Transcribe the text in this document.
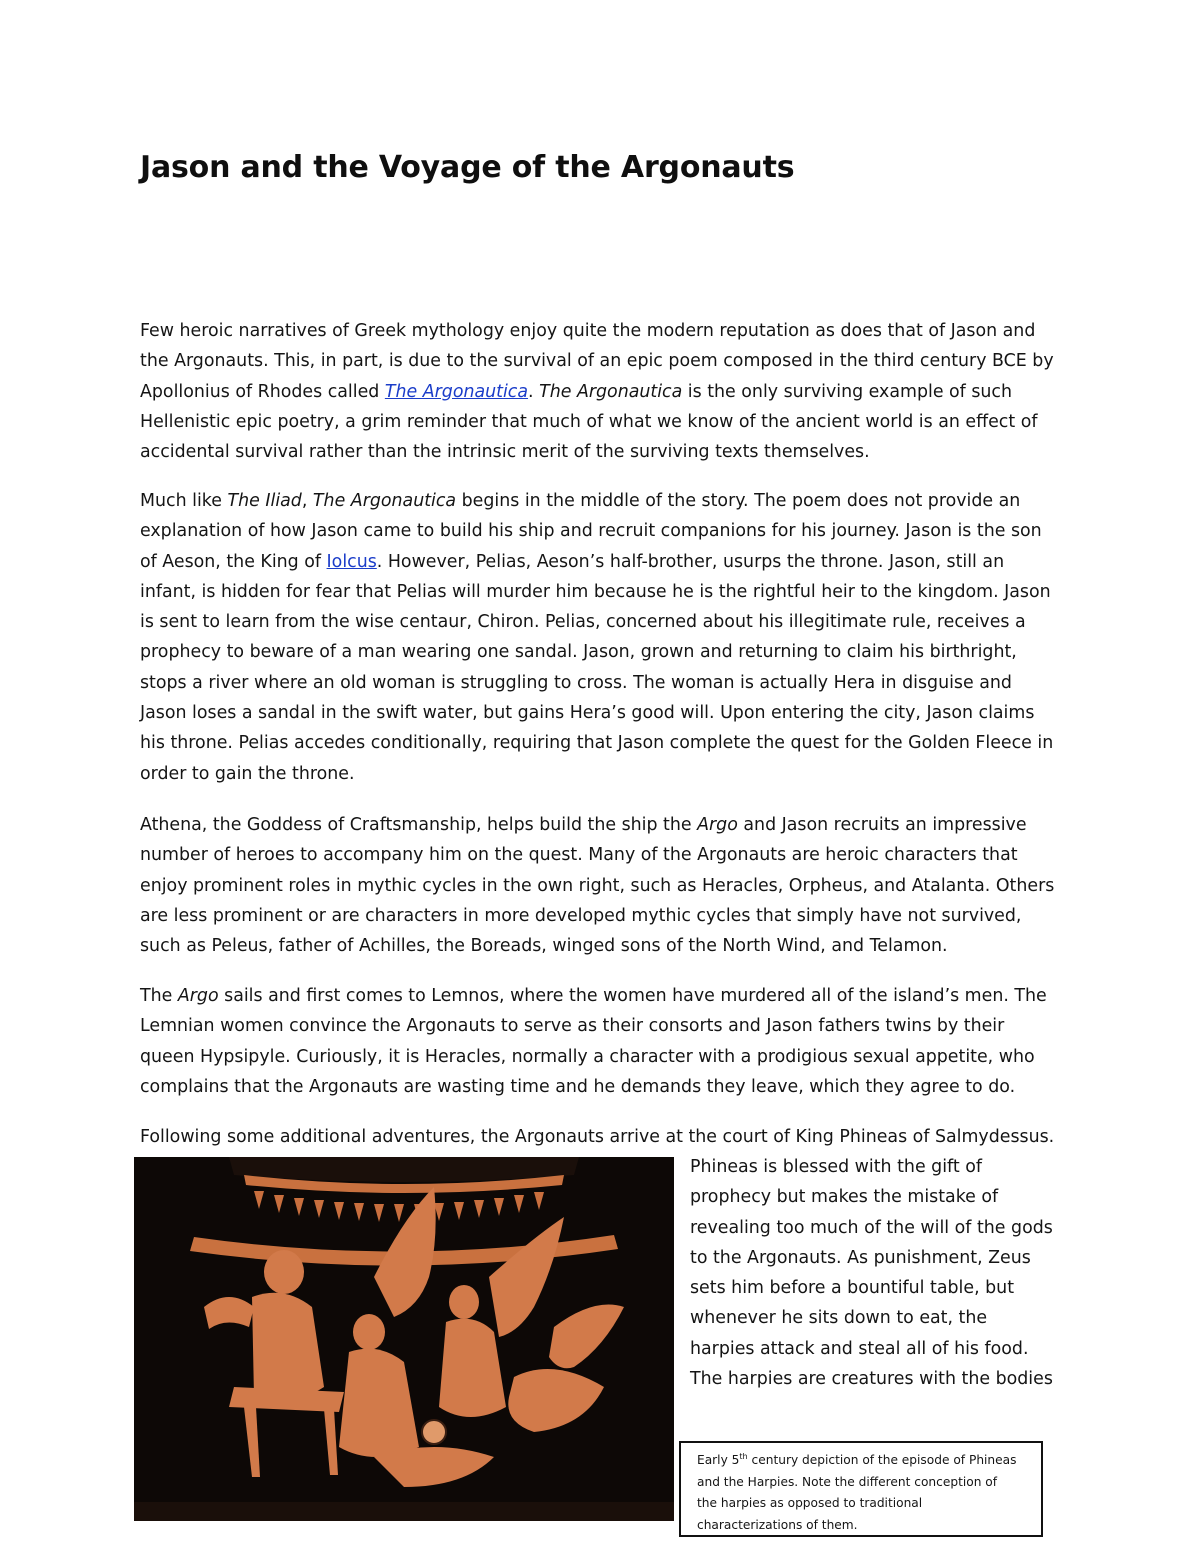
Jason and the Voyage of the Argonauts

Few heroic narratives of Greek mythology enjoy quite the modern reputation as does that of Jason and
the Argonauts. This, in part, is due to the survival of an epic poem composed in the third century BCE by
Apollonius of Rhodes called The Argonautica. The Argonautica is the only surviving example of such
Hellenistic epic poetry, a grim reminder that much of what we know of the ancient world is an effect of
accidental survival rather than the intrinsic merit of the surviving texts themselves.

Much like The Iliad, The Argonautica begins in the middle of the story. The poem does not provide an
explanation of how Jason came to build his ship and recruit companions for his journey. Jason is the son
of Aeson, the King of Iolcus. However, Pelias, Aeson’s half-brother, usurps the throne. Jason, still an
infant, is hidden for fear that Pelias will murder him because he is the rightful heir to the kingdom. Jason
is sent to learn from the wise centaur, Chiron. Pelias, concerned about his illegitimate rule, receives a
prophecy to beware of a man wearing one sandal. Jason, grown and returning to claim his birthright,
stops a river where an old woman is struggling to cross. The woman is actually Hera in disguise and
Jason loses a sandal in the swift water, but gains Hera’s good will. Upon entering the city, Jason claims
his throne. Pelias accedes conditionally, requiring that Jason complete the quest for the Golden Fleece in
order to gain the throne.

Athena, the Goddess of Craftsmanship, helps build the ship the Argo and Jason recruits an impressive
number of heroes to accompany him on the quest. Many of the Argonauts are heroic characters that
enjoy prominent roles in mythic cycles in the own right, such as Heracles, Orpheus, and Atalanta. Others
are less prominent or are characters in more developed mythic cycles that simply have not survived,
such as Peleus, father of Achilles, the Boreads, winged sons of the North Wind, and Telamon.

The Argo sails and first comes to Lemnos, where the women have murdered all of the island’s men. The
Lemnian women convince the Argonauts to serve as their consorts and Jason fathers twins by their
queen Hypsipyle. Curiously, it is Heracles, normally a character with a prodigious sexual appetite, who
complains that the Argonauts are wasting time and he demands they leave, which they agree to do.

Following some additional adventures, the Argonauts arrive at the court of King Phineas of Salmydessus.

Phineas is blessed with the gift of
prophecy but makes the mistake of
revealing too much of the will of the gods
to the Argonauts. As punishment, Zeus
sets him before a bountiful table, but
whenever he sits down to eat, the
harpies attack and steal all of his food.
The harpies are creatures with the bodies

Early 5th century depiction of the episode of Phineas
and the Harpies. Note the different conception of
the harpies as opposed to traditional
characterizations of them.
